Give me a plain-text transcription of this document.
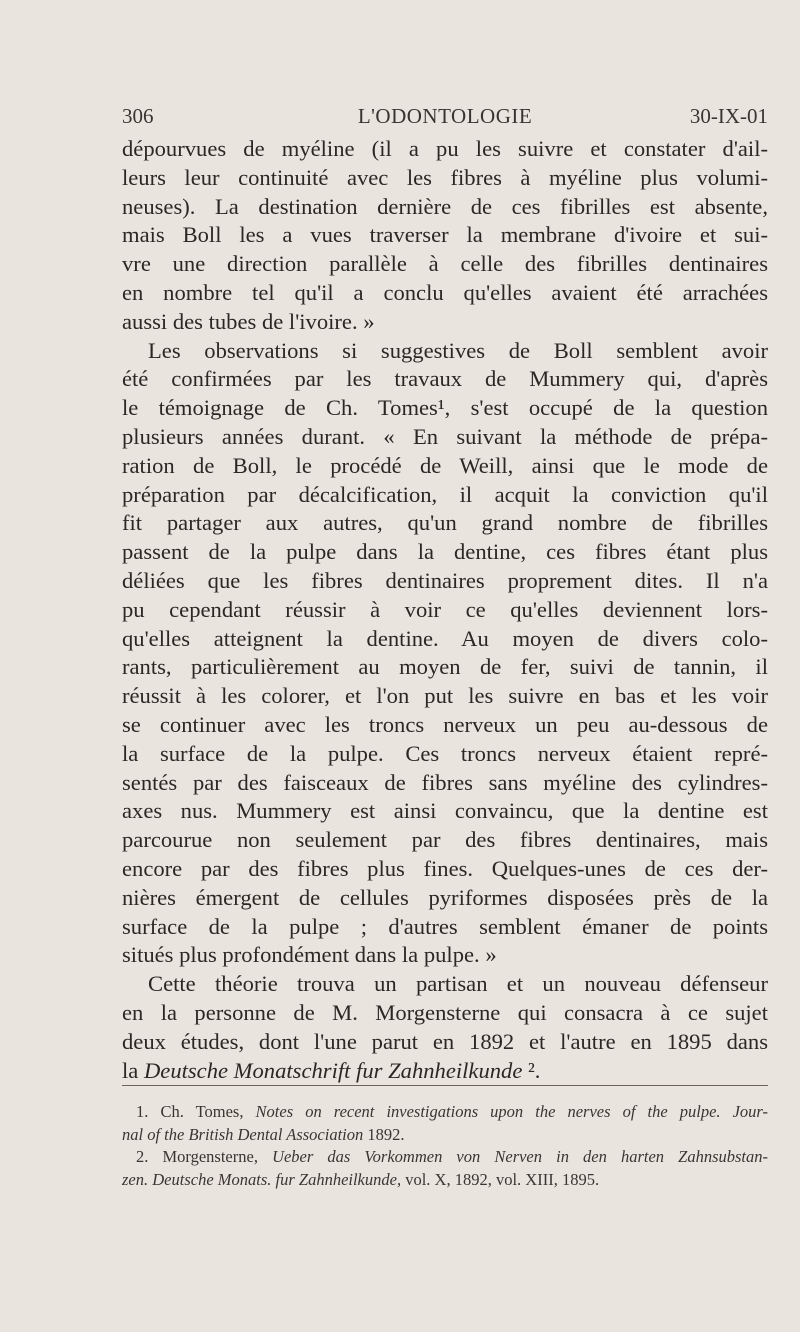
306	L'ODONTOLOGIE	30-IX-01
dépourvues de myéline (il a pu les suivre et constater d'ail-
leurs leur continuité avec les fibres à myéline plus volumi-
neuses). La destination dernière de ces fibrilles est absente,
mais Boll les a vues traverser la membrane d'ivoire et sui-
vre une direction parallèle à celle des fibrilles dentinaires
en nombre tel qu'il a conclu qu'elles avaient été arrachées
aussi des tubes de l'ivoire. »
Les observations si suggestives de Boll semblent avoir
été confirmées par les travaux de Mummery qui, d'après
le témoignage de Ch. Tomes¹, s'est occupé de la question
plusieurs années durant. « En suivant la méthode de prépa-
ration de Boll, le procédé de Weill, ainsi que le mode de
préparation par décalcification, il acquit la conviction qu'il
fit partager aux autres, qu'un grand nombre de fibrilles
passent de la pulpe dans la dentine, ces fibres étant plus
déliées que les fibres dentinaires proprement dites. Il n'a
pu cependant réussir à voir ce qu'elles deviennent lors-
qu'elles atteignent la dentine. Au moyen de divers colo-
rants, particulièrement au moyen de fer, suivi de tannin, il
réussit à les colorer, et l'on put les suivre en bas et les voir
se continuer avec les troncs nerveux un peu au-dessous de
la surface de la pulpe. Ces troncs nerveux étaient repré-
sentés par des faisceaux de fibres sans myéline des cylindres-
axes nus. Mummery est ainsi convaincu, que la dentine est
parcourue non seulement par des fibres dentinaires, mais
encore par des fibres plus fines. Quelques-unes de ces der-
nières émergent de cellules pyriformes disposées près de la
surface de la pulpe ; d'autres semblent émaner de points
situés plus profondément dans la pulpe. »
Cette théorie trouva un partisan et un nouveau défenseur
en la personne de M. Morgensterne qui consacra à ce sujet
deux études, dont l'une parut en 1892 et l'autre en 1895 dans
la Deutsche Monatschrift fur Zahnheilkunde ².
1. Ch. Tomes, Notes on recent investigations upon the nerves of the pulpe. Jour-
nal of the British Dental Association 1892.
2. Morgensterne, Ueber das Vorkommen von Nerven in den harten Zahnsubstan-
zen. Deutsche Monats. fur Zahnheilkunde, vol. X, 1892, vol. XIII, 1895.
